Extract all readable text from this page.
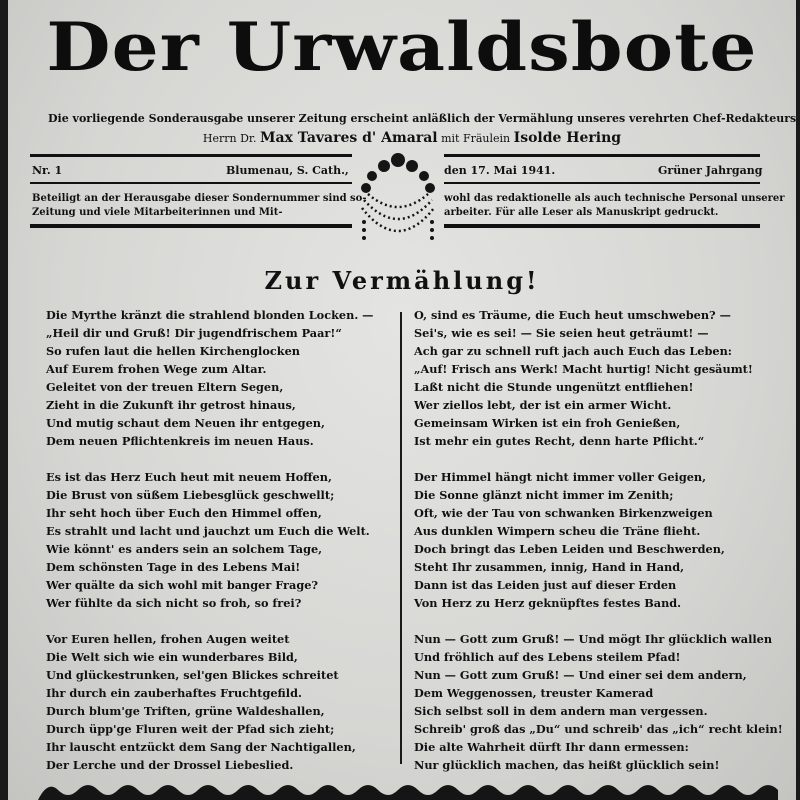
Der Urwaldsbote
Die vorliegende Sonderausgabe unserer Zeitung erscheint anläßlich der Vermählung unseres verehrten Chef-Redakteurs
Herrn Dr. Max Tavares d' Amaral mit Fräulein Isolde Hering
Nr. 1	Blumenau, S. Cath.,	den 17. Mai 1941.	Grüner Jahrgang
Beteiligt an der Herausgabe dieser Sondernummer sind so-
Zeitung und viele Mitarbeiterinnen und Mit-
wohl das redaktionelle als auch technische Personal unserer
arbeiter. Für alle Leser als Manuskript gedruckt.
Zur Vermählung!
Die Myrthe kränzt die strahlend blonden Locken. —
„Heil dir und Gruß! Dir jugendfrischem Paar!“
So rufen laut die hellen Kirchenglocken
Auf Eurem frohen Wege zum Altar.
Geleitet von der treuen Eltern Segen,
Zieht in die Zukunft ihr getrost hinaus,
Und mutig schaut dem Neuen ihr entgegen,
Dem neuen Pflichtenkreis im neuen Haus.
Es ist das Herz Euch heut mit neuem Hoffen,
Die Brust von süßem Liebesglück geschwellt;
Ihr seht hoch über Euch den Himmel offen,
Es strahlt und lacht und jauchzt um Euch die Welt.
Wie könnt' es anders sein an solchem Tage,
Dem schönsten Tage in des Lebens Mai!
Wer quälte da sich wohl mit banger Frage?
Wer fühlte da sich nicht so froh, so frei?
Vor Euren hellen, frohen Augen weitet
Die Welt sich wie ein wunderbares Bild,
Und glückestrunken, sel'gen Blickes schreitet
Ihr durch ein zauberhaftes Fruchtgefild.
Durch blum'ge Triften, grüne Waldeshallen,
Durch üpp'ge Fluren weit der Pfad sich zieht;
Ihr lauscht entzückt dem Sang der Nachtigallen,
Der Lerche und der Drossel Liebeslied.
O, sind es Träume, die Euch heut umschweben? —
Sei's, wie es sei! — Sie seien heut geträumt! —
Ach gar zu schnell ruft jach auch Euch das Leben:
„Auf! Frisch ans Werk! Macht hurtig! Nicht gesäumt!
Laßt nicht die Stunde ungenützt entfliehen!
Wer ziellos lebt, der ist ein armer Wicht.
Gemeinsam Wirken ist ein froh Genießen,
Ist mehr ein gutes Recht, denn harte Pflicht.“
Der Himmel hängt nicht immer voller Geigen,
Die Sonne glänzt nicht immer im Zenith;
Oft, wie der Tau von schwanken Birkenzweigen
Aus dunklen Wimpern scheu die Träne flieht.
Doch bringt das Leben Leiden und Beschwerden,
Steht Ihr zusammen, innig, Hand in Hand,
Dann ist das Leiden just auf dieser Erden
Von Herz zu Herz geknüpftes festes Band.
Nun — Gott zum Gruß! — Und mögt Ihr glücklich wallen
Und fröhlich auf des Lebens steilem Pfad!
Nun — Gott zum Gruß! — Und einer sei dem andern,
Dem Weggenossen, treuster Kamerad
Sich selbst soll in dem andern man vergessen.
Schreib' groß das „Du“ und schreib' das „ich“ recht klein!
Die alte Wahrheit dürft Ihr dann ermessen:
Nur glücklich machen, das heißt glücklich sein!
